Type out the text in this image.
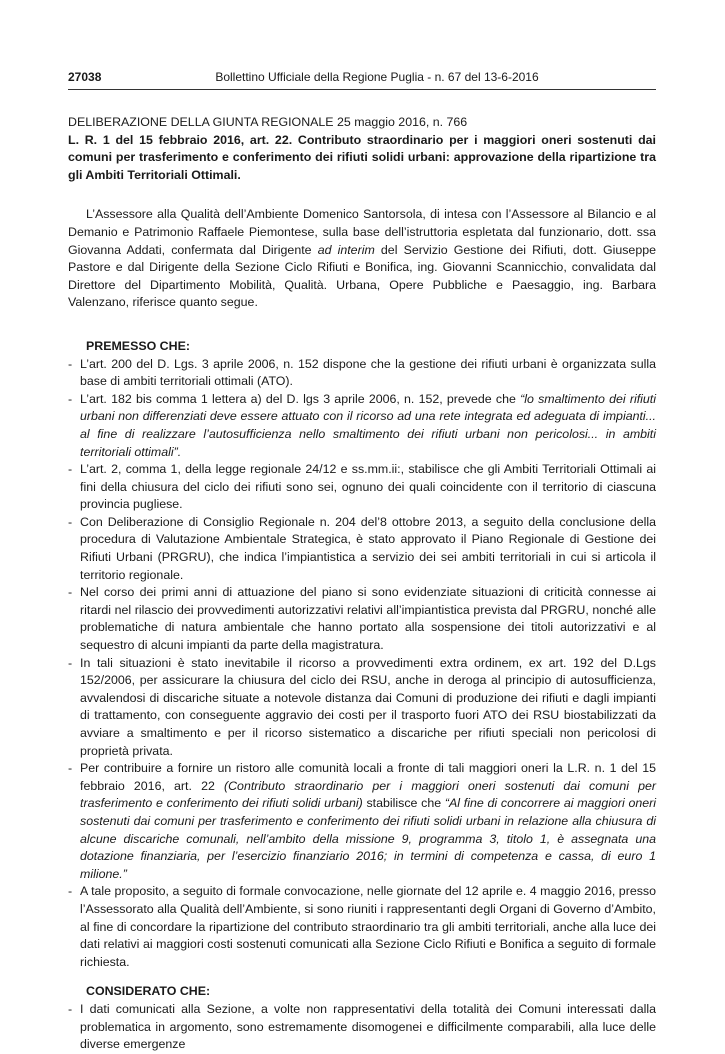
27038	Bollettino Ufficiale della Regione Puglia - n. 67 del 13-6-2016

DELIBERAZIONE DELLA GIUNTA REGIONALE 25 maggio 2016, n. 766

L. R. 1 del 15 febbraio 2016, art. 22. Contributo straordinario per i maggiori oneri sostenuti dai comuni per trasferimento e conferimento dei rifiuti solidi urbani: approvazione della ripartizione tra gli Ambiti Territoriali Ottimali.

L’Assessore alla Qualità dell’Ambiente Domenico Santorsola, di intesa con l’Assessore al Bilancio e al Demanio e Patrimonio Raffaele Piemontese, sulla base dell’istruttoria espletata dal funzionario, dott. ssa Giovanna Addati, confermata dal Dirigente ad interim del Servizio Gestione dei Rifiuti, dott. Giuseppe Pastore e dal Dirigente della Sezione Ciclo Rifiuti e Bonifica, ing. Giovanni Scannicchio, convalidata dal Direttore del Dipartimento Mobilità, Qualità. Urbana, Opere Pubbliche e Paesaggio, ing. Barbara Valenzano, riferisce quanto segue.

PREMESSO CHE:

- L’art. 200 del D. Lgs. 3 aprile 2006, n. 152 dispone che la gestione dei rifiuti urbani è organizzata sulla base di ambiti territoriali ottimali (ATO).
- L’art. 182 bis comma 1 lettera a) del D. lgs 3 aprile 2006, n. 152, prevede che “lo smaltimento dei rifiuti urbani non differenziati deve essere attuato con il ricorso ad una rete integrata ed adeguata di impianti... al fine di realizzare l’autosufficienza nello smaltimento dei rifiuti urbani non pericolosi... in ambiti territoriali ottimali”.
- L’art. 2, comma 1, della legge regionale 24/12 e ss.mm.ii:, stabilisce che gli Ambiti Territoriali Ottimali ai fini della chiusura del ciclo dei rifiuti sono sei, ognuno dei quali coincidente con il territorio di ciascuna provincia pugliese.
- Con Deliberazione di Consiglio Regionale n. 204 del’8 ottobre 2013, a seguito della conclusione della procedura di Valutazione Ambientale Strategica, è stato approvato il Piano Regionale di Gestione dei Rifiuti Urbani (PRGRU), che indica l’impiantistica a servizio dei sei ambiti territoriali in cui si articola il territorio regionale.
- Nel corso dei primi anni di attuazione del piano si sono evidenziate situazioni di criticità connesse ai ritardi nel rilascio dei provvedimenti autorizzativi relativi all’impiantistica prevista dal PRGRU, nonché alle problematiche di natura ambientale che hanno portato alla sospensione dei titoli autorizzativi e al sequestro di alcuni impianti da parte della magistratura.
- In tali situazioni è stato inevitabile il ricorso a provvedimenti extra ordinem, ex art. 192 del D.Lgs 152/2006, per assicurare la chiusura del ciclo dei RSU, anche in deroga al principio di autosufficienza, avvalendosi di discariche situate a notevole distanza dai Comuni di produzione dei rifiuti e dagli impianti di trattamento, con conseguente aggravio dei costi per il trasporto fuori ATO dei RSU biostabilizzati da avviare a smaltimento e per il ricorso sistematico a discariche per rifiuti speciali non pericolosi di proprietà privata.
- Per contribuire a fornire un ristoro alle comunità locali a fronte di tali maggiori oneri la L.R. n. 1 del 15 febbraio 2016, art. 22 (Contributo straordinario per i maggiori oneri sostenuti dai comuni per trasferimento e conferimento dei rifiuti solidi urbani) stabilisce che “Al fine di concorrere ai maggiori oneri sostenuti dai comuni per trasferimento e conferimento dei rifiuti solidi urbani in relazione alla chiusura di alcune discariche comunali, nell’ambito della missione 9, programma 3, titolo 1, è assegnata una dotazione finanziaria, per l’esercizio finanziario 2016; in termini di competenza e cassa, di euro 1 milione.”
- A tale proposito, a seguito di formale convocazione, nelle giornate del 12 aprile e. 4 maggio 2016, presso l’Assessorato alla Qualità dell’Ambiente, si sono riuniti i rappresentanti degli Organi di Governo d’Ambito, al fine di concordare la ripartizione del contributo straordinario tra gli ambiti territoriali, anche alla luce dei dati relativi ai maggiori costi sostenuti comunicati alla Sezione Ciclo Rifiuti e Bonifica a seguito di formale richiesta.

CONSIDERATO CHE:

- I dati comunicati alla Sezione, a volte non rappresentativi della totalità dei Comuni interessati dalla problematica in argomento, sono estremamente disomogenei e difficilmente comparabili, alla luce delle diverse emergenze
